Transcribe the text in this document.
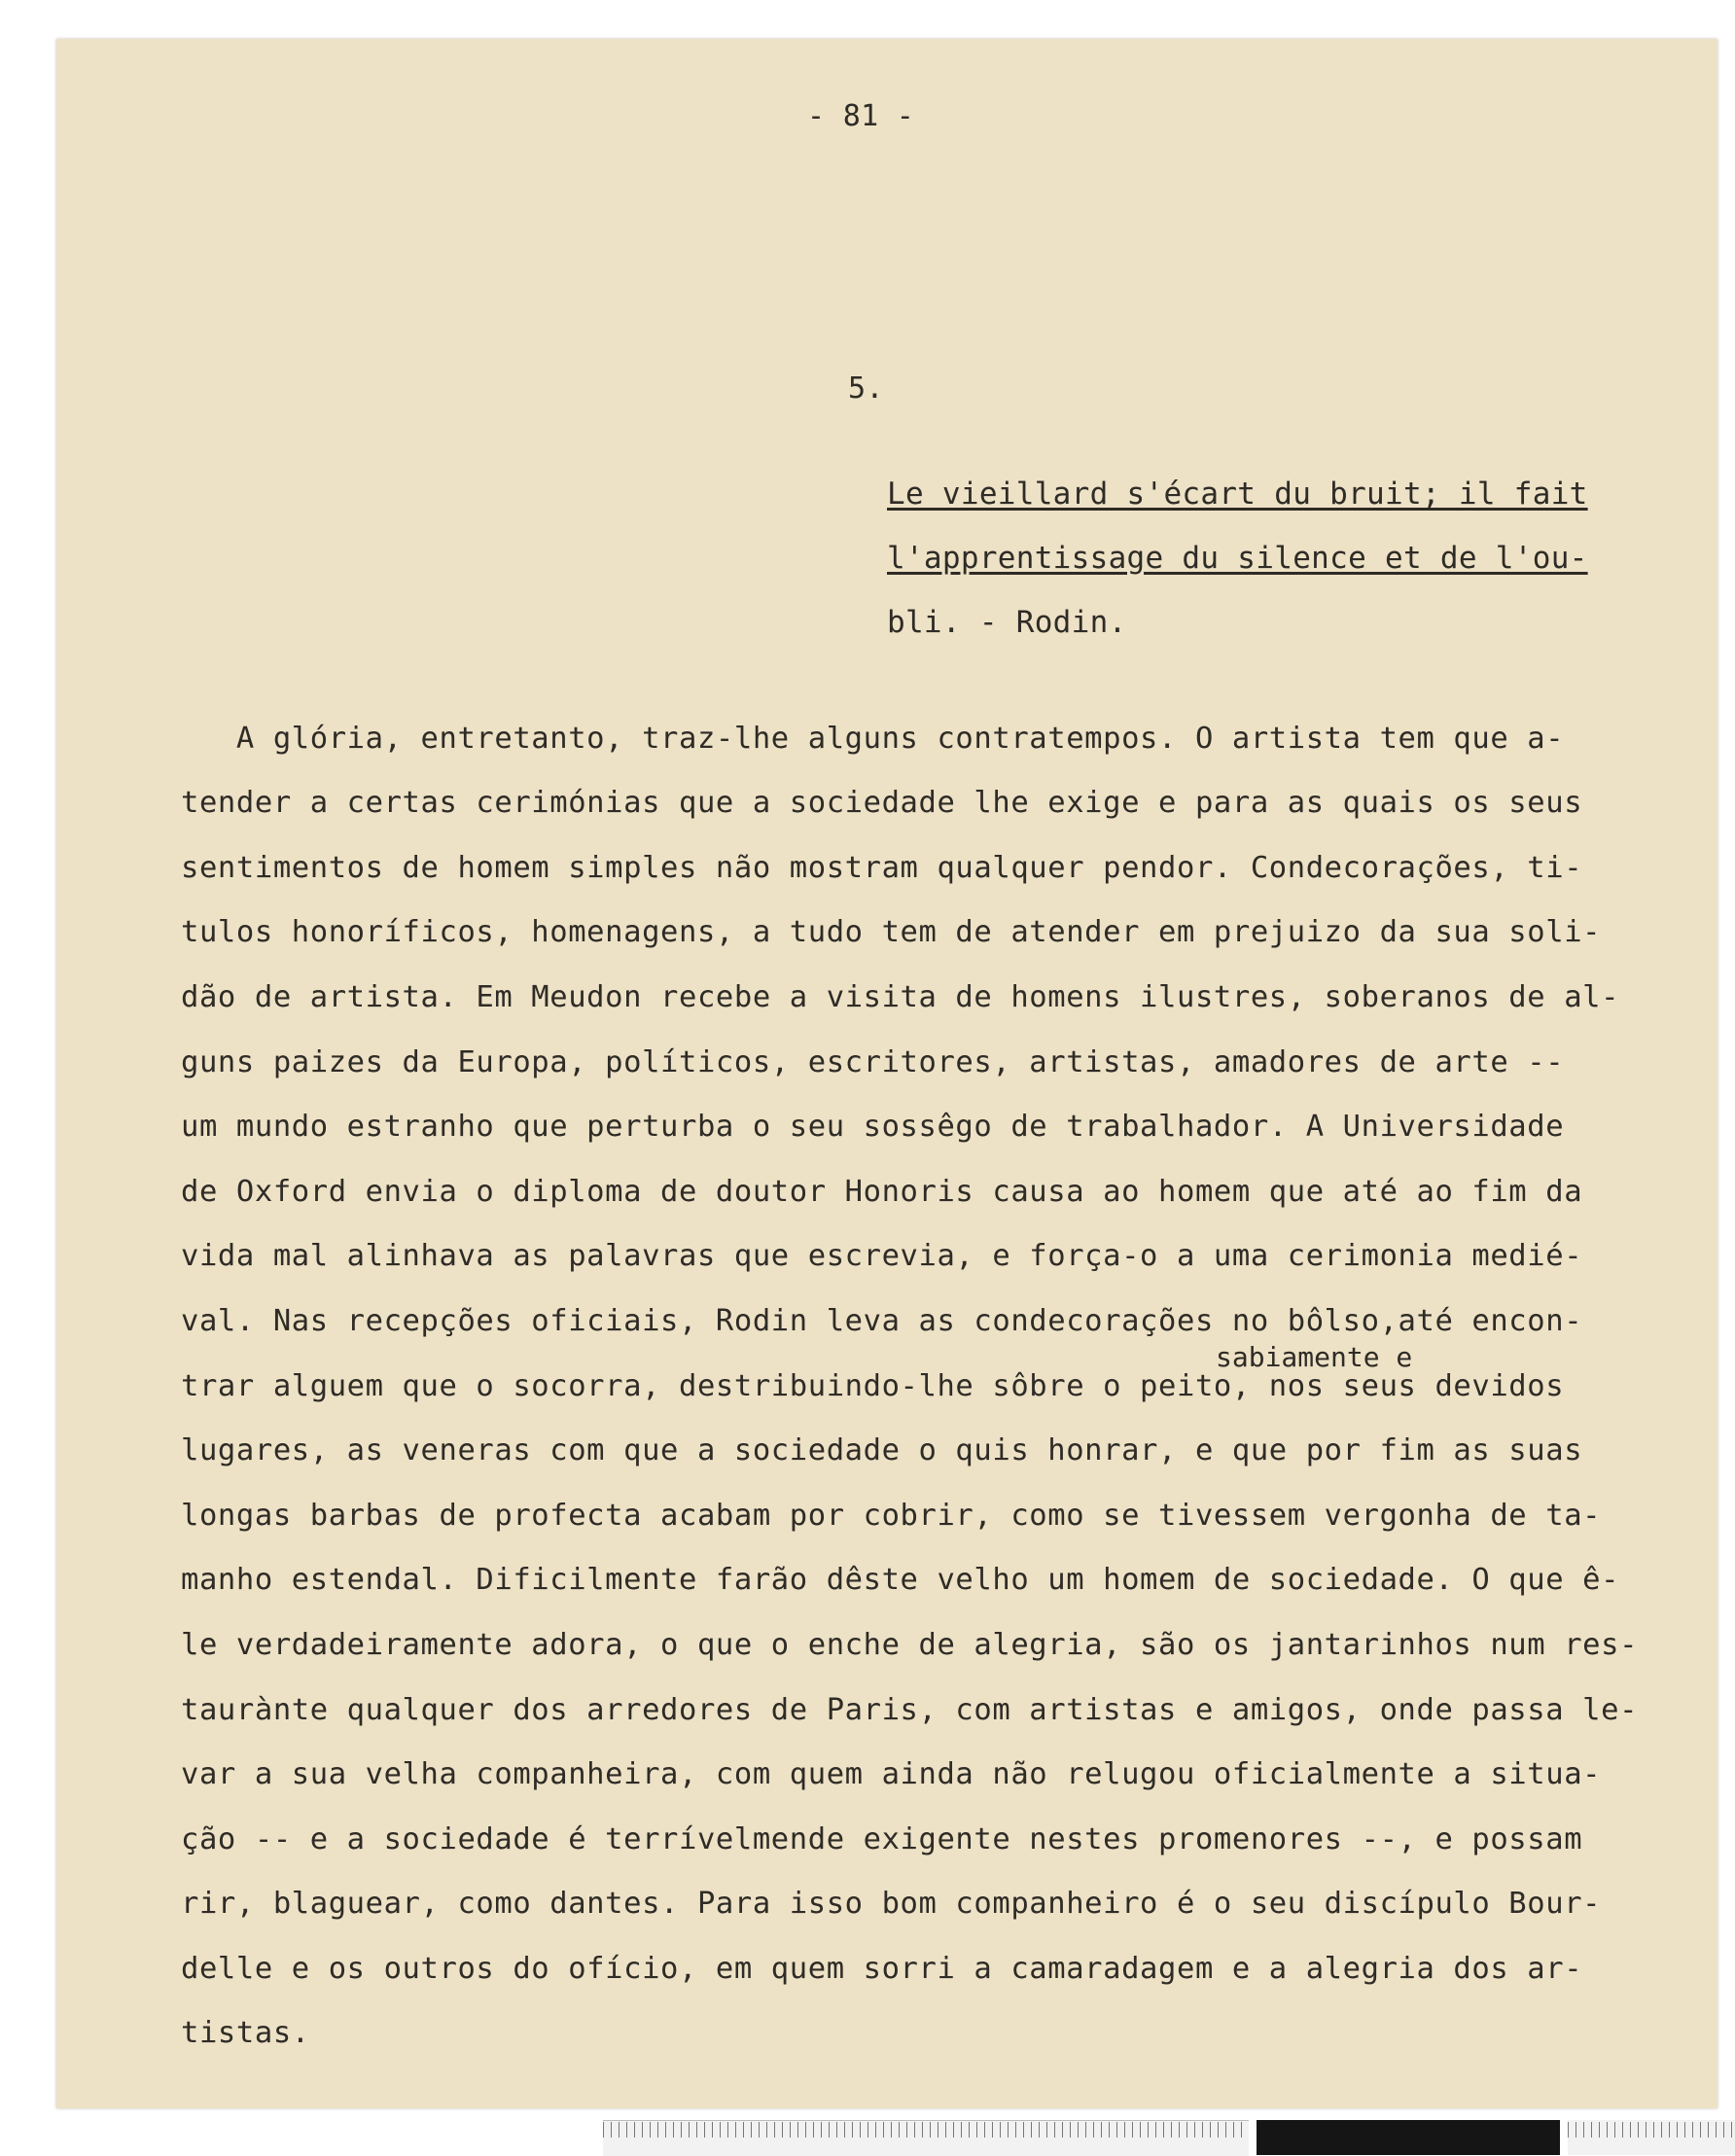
- 81 -
5.
Le vieillard s'écart du bruit; il fait
l'apprentissage du silence et de l'ou-
bli. - Rodin.
A glória, entretanto, traz-lhe alguns contratempos. O artista tem que a-
tender a certas cerimónias que a sociedade lhe exige e para as quais os seus
sentimentos de homem simples não mostram qualquer pendor. Condecorações, ti-
tulos honoríficos, homenagens, a tudo tem de atender em prejuizo da sua soli-
dão de artista. Em Meudon recebe a visita de homens ilustres, soberanos de al-
guns paizes da Europa, políticos, escritores, artistas, amadores de arte --
um mundo estranho que perturba o seu sossêgo de trabalhador. A Universidade
de Oxford envia o diploma de doutor Honoris causa ao homem que até ao fim da
vida mal alinhava as palavras que escrevia, e força-o a uma cerimonia medié-
val. Nas recepções oficiais, Rodin leva as condecorações no bôlso,até encon-
sabiamente e
trar alguem que o socorra, destribuindo-lhe sôbre o peito, nos seus devidos
lugares, as veneras com que a sociedade o quis honrar, e que por fim as suas
longas barbas de profecta acabam por cobrir, como se tivessem vergonha de ta-
manho estendal. Dificilmente farão dêste velho um homem de sociedade. O que ê-
le verdadeiramente adora, o que o enche de alegria, são os jantarinhos num res-
taurànte qualquer dos arredores de Paris, com artistas e amigos, onde passa le-
var a sua velha companheira, com quem ainda não relugou oficialmente a situa-
ção -- e a sociedade é terrívelmende exigente nestes promenores --, e possam
rir, blaguear, como dantes. Para isso bom companheiro é o seu discípulo Bour-
delle e os outros do ofício, em quem sorri a camaradagem e a alegria dos ar-
tistas.
